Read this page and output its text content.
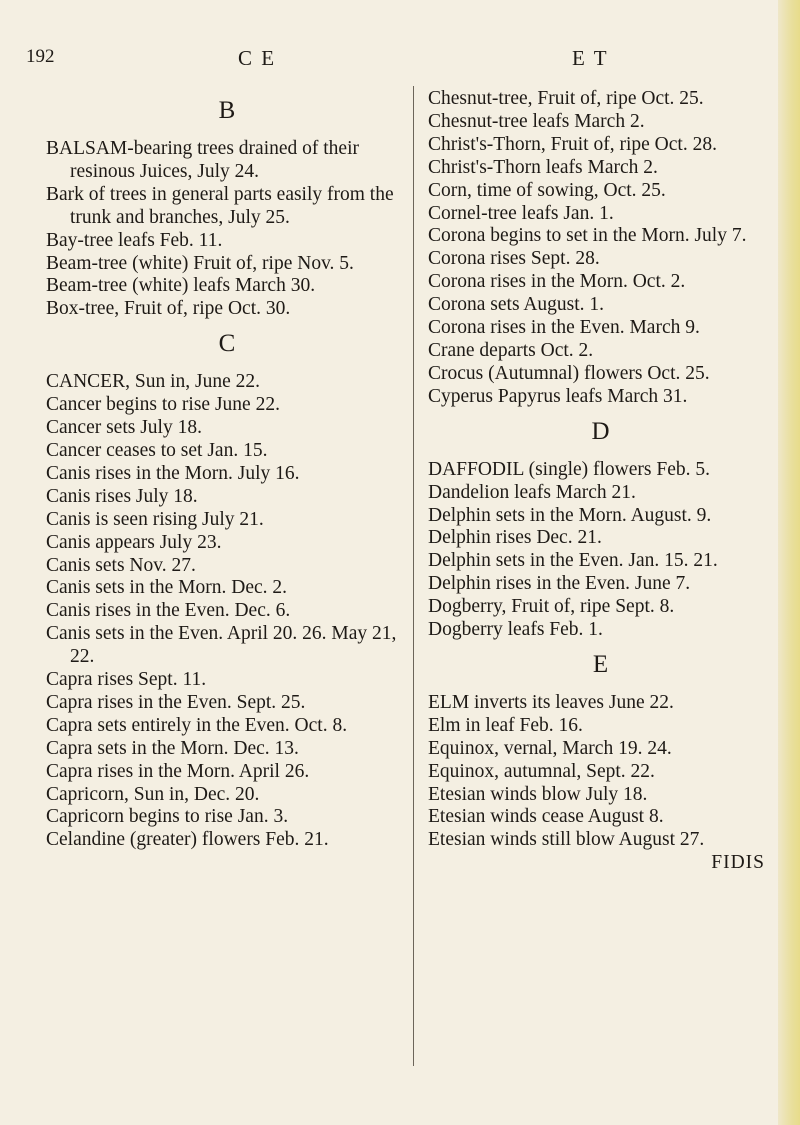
192	C E	E T
B

BALSAM-bearing trees drained of their resinous Juices, July 24.

Bark of trees in general parts easily from the trunk and branches, July 25.

Bay-tree leafs Feb. 11.

Beam-tree (white) Fruit of, ripe Nov. 5.

Beam-tree (white) leafs March 30.

Box-tree, Fruit of, ripe Oct. 30.

C

CANCER, Sun in, June 22.

Cancer begins to rise June 22.

Cancer sets July 18.

Cancer ceases to set Jan. 15.

Canis rises in the Morn. July 16.

Canis rises July 18.

Canis is seen rising July 21.

Canis appears July 23.

Canis sets Nov. 27.

Canis sets in the Morn. Dec. 2.

Canis rises in the Even. Dec. 6.

Canis sets in the Even. April 20. 26. May 21, 22.

Capra rises Sept. 11.

Capra rises in the Even. Sept. 25.

Capra sets entirely in the Even. Oct. 8.

Capra sets in the Morn. Dec. 13.

Capra rises in the Morn. April 26.

Capricorn, Sun in, Dec. 20.

Capricorn begins to rise Jan. 3.

Celandine (greater) flowers Feb. 21.

Chesnut-tree, Fruit of, ripe Oct. 25.

Chesnut-tree leafs March 2.

Christ's-Thorn, Fruit of, ripe Oct. 28.

Christ's-Thorn leafs March 2.

Corn, time of sowing, Oct. 25.

Cornel-tree leafs Jan. 1.

Corona begins to set in the Morn. July 7.

Corona rises Sept. 28.

Corona rises in the Morn. Oct. 2.

Corona sets August. 1.

Corona rises in the Even. March 9.

Crane departs Oct. 2.

Crocus (Autumnal) flowers Oct. 25.

Cyperus Papyrus leafs March 31.

D

DAFFODIL (single) flowers Feb. 5.

Dandelion leafs March 21.

Delphin sets in the Morn. August. 9.

Delphin rises Dec. 21.

Delphin sets in the Even. Jan. 15. 21.

Delphin rises in the Even. June 7.

Dogberry, Fruit of, ripe Sept. 8.

Dogberry leafs Feb. 1.

E

ELM inverts its leaves June 22.

Elm in leaf Feb. 16.

Equinox, vernal, March 19. 24.

Equinox, autumnal, Sept. 22.

Etesian winds blow July 18.

Etesian winds cease August 8.

Etesian winds still blow August 27.

FIDIS
